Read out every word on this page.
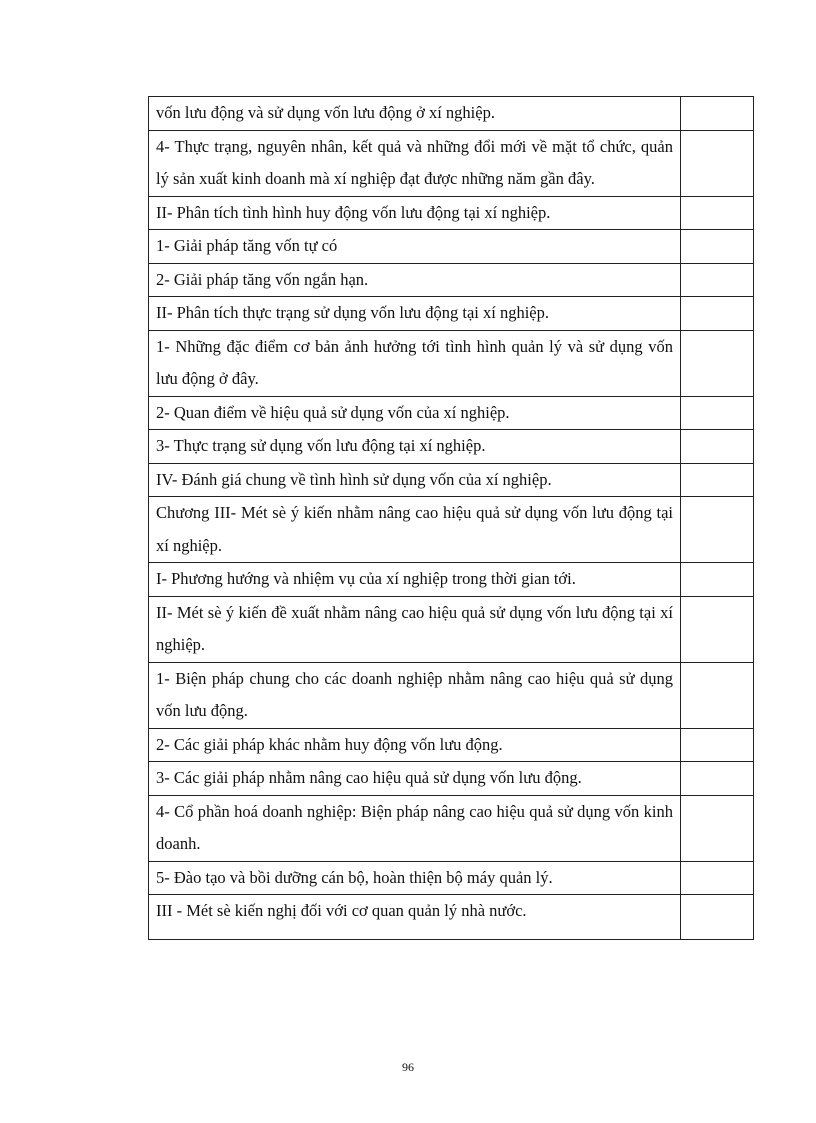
vốn lưu động và sử dụng vốn lưu động ở xí nghiệp.	
4- Thực trạng, nguyên nhân, kết quả và những đổi mới về mặt tổ chức, quản lý sản xuất kinh doanh mà xí nghiệp đạt được những năm gần đây.	
II- Phân tích tình hình huy động vốn lưu động tại xí nghiệp.	
1- Giải pháp tăng vốn tự có	
2- Giải pháp tăng vốn ngắn hạn.	
II- Phân tích thực trạng sử dụng vốn lưu động tại xí nghiệp.	
1- Những đặc điểm cơ bản ảnh hưởng tới tình hình quản lý và sử dụng vốn lưu động ở đây.	
2- Quan điểm về hiệu quả sử dụng vốn của xí nghiệp.	
3- Thực trạng sử dụng vốn lưu động tại xí nghiệp.	
IV- Đánh giá chung về tình hình sử dụng vốn của xí nghiệp.	
Chương III- Mét sè ý kiến nhằm nâng cao hiệu quả sử dụng vốn lưu động tại xí nghiệp.	
I- Phương hướng và nhiệm vụ của xí nghiệp trong thời gian tới.	
II- Mét sè ý kiến đề xuất nhằm nâng cao hiệu quả sử dụng vốn lưu động tại xí nghiệp.	
1- Biện pháp chung cho các doanh nghiệp nhằm nâng cao hiệu quả sử dụng vốn lưu động.	
2- Các giải pháp khác nhằm huy động vốn lưu động.	
3- Các giải pháp nhằm nâng cao hiệu quả sử dụng vốn lưu động.	
4- Cổ phần hoá doanh nghiệp: Biện pháp nâng cao hiệu quả sử dụng vốn kinh doanh.	
5- Đào tạo và bồi dưỡng cán bộ, hoàn thiện bộ máy quản lý.	
III - Mét sè kiến nghị đối với cơ quan quản lý nhà nước.	
96
